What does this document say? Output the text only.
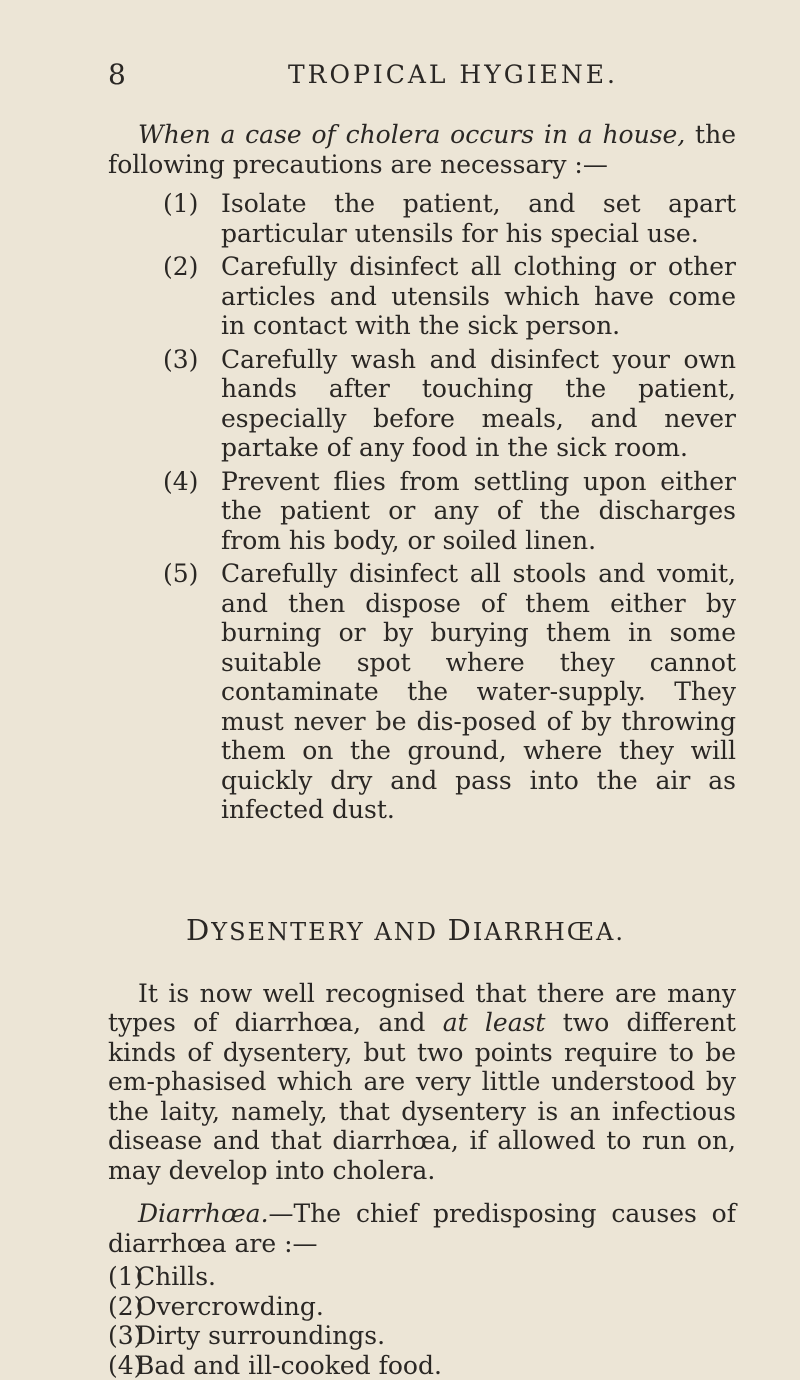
8	TROPICAL HYGIENE.

When a case of cholera occurs in a house, the following precautions are necessary :—

(1) Isolate the patient, and set apart particular utensils for his special use.
(2) Carefully disinfect all clothing or other articles and utensils which have come in contact with the sick person.
(3) Carefully wash and disinfect your own hands after touching the patient, especially before meals, and never partake of any food in the sick room.
(4) Prevent flies from settling upon either the patient or any of the discharges from his body, or soiled linen.
(5) Carefully disinfect all stools and vomit, and then dispose of them either by burning or by burying them in some suitable spot where they cannot contaminate the water-supply. They must never be dis-posed of by throwing them on the ground, where they will quickly dry and pass into the air as infected dust.
DYSENTERY AND DIARRHŒA.

It is now well recognised that there are many types of diarrhœa, and at least two different kinds of dysentery, but two points require to be em-phasised which are very little understood by the laity, namely, that dysentery is an infectious disease and that diarrhœa, if allowed to run on, may develop into cholera.

Diarrhœa.—The chief predisposing causes of diarrhœa are :—

(1)
Chills.
(2)
Overcrowding.
(3)
Dirty surroundings.
(4)
Bad and ill-cooked food.
